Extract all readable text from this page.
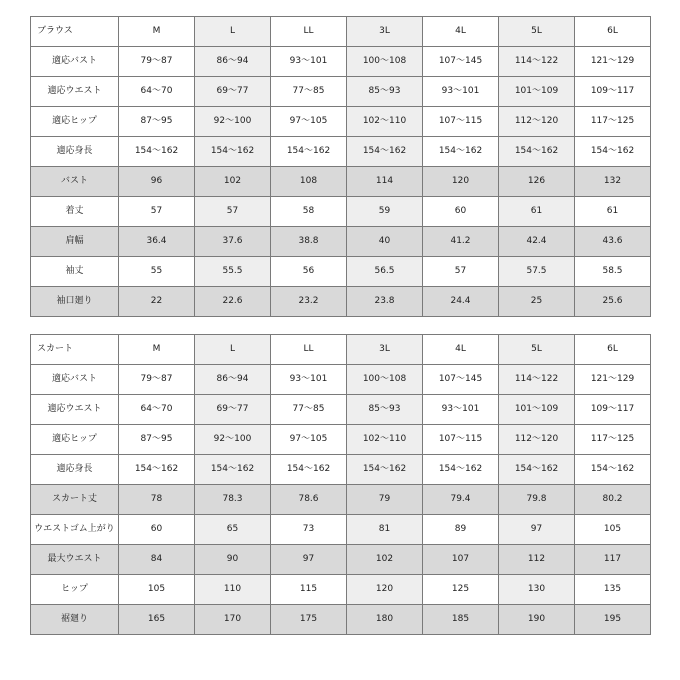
ブラウス	M	L	LL	3L	4L	5L	6L
適応バスト	79～87	86～94	93～101	100～108	107～145	114～122	121～129
適応ウエスト	64～70	69～77	77～85	85～93	93～101	101～109	109～117
適応ヒップ	87～95	92～100	97～105	102～110	107～115	112～120	117～125
適応身長	154～162	154～162	154～162	154～162	154～162	154～162	154～162
バスト	96	102	108	114	120	126	132
着丈	57	57	58	59	60	61	61
肩幅	36.4	37.6	38.8	40	41.2	42.4	43.6
袖丈	55	55.5	56	56.5	57	57.5	58.5
袖口廻り	22	22.6	23.2	23.8	24.4	25	25.6
スカート	M	L	LL	3L	4L	5L	6L
適応バスト	79～87	86～94	93～101	100～108	107～145	114～122	121～129
適応ウエスト	64～70	69～77	77～85	85～93	93～101	101～109	109～117
適応ヒップ	87～95	92～100	97～105	102～110	107～115	112～120	117～125
適応身長	154～162	154～162	154～162	154～162	154～162	154～162	154～162
スカート丈	78	78.3	78.6	79	79.4	79.8	80.2
ウエストゴム上がり	60	65	73	81	89	97	105
最大ウエスト	84	90	97	102	107	112	117
ヒップ	105	110	115	120	125	130	135
裾廻り	165	170	175	180	185	190	195
